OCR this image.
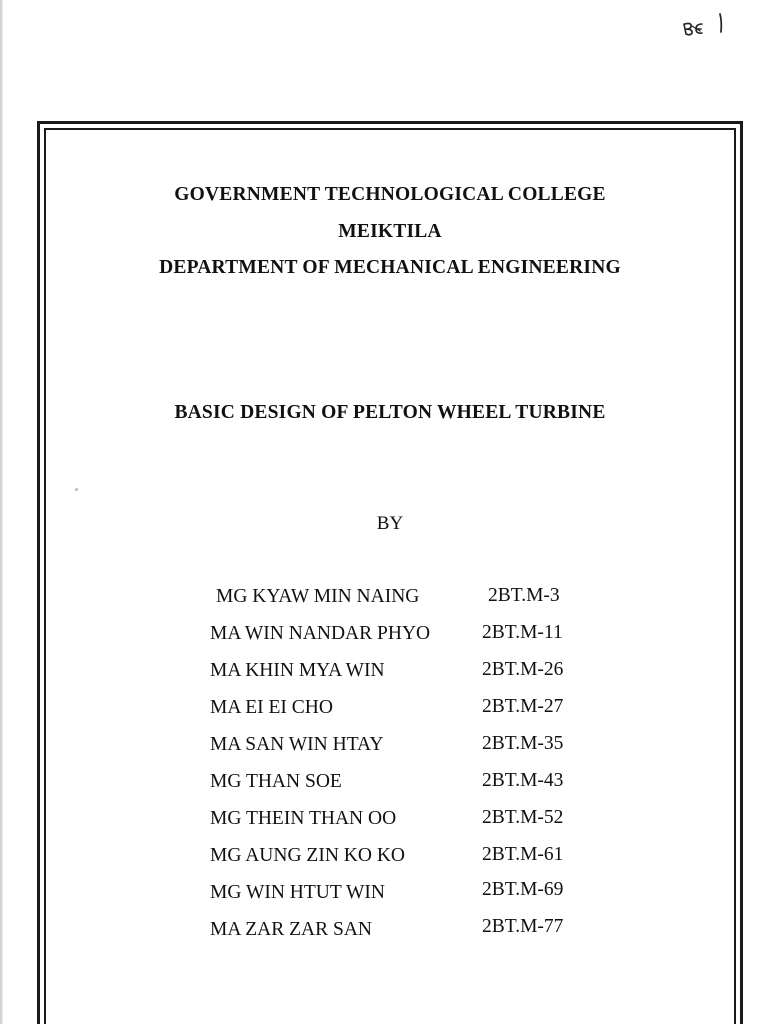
GOVERNMENT TECHNOLOGICAL COLLEGE
MEIKTILA
DEPARTMENT OF MECHANICAL ENGINEERING
BASIC DESIGN OF PELTON WHEEL TURBINE
BY
MG KYAW MIN NAING	2BT.M-3
MA WIN NANDAR PHYO	2BT.M-11
MA KHIN MYA WIN	2BT.M-26
MA EI EI CHO	2BT.M-27
MA SAN WIN HTAY	2BT.M-35
MG THAN SOE	2BT.M-43
MG THEIN THAN OO	2BT.M-52
MG AUNG ZIN KO KO	2BT.M-61
MG WIN HTUT WIN	2BT.M-69
MA ZAR ZAR SAN	2BT.M-77
